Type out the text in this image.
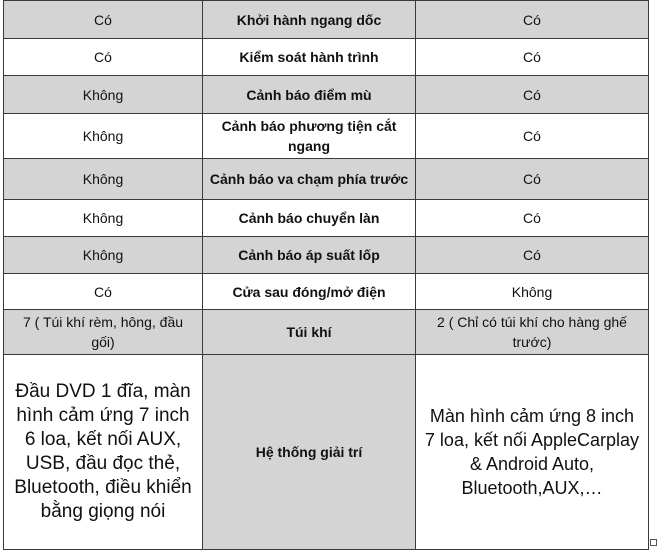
Có	Khởi hành ngang dốc	Có
Có	Kiểm soát hành trình	Có
Không	Cảnh báo điểm mù	Có
Không	Cảnh báo phương tiện cắt ngang	Có
Không	Cảnh báo va chạm phía trước	Có
Không	Cảnh báo chuyển làn	Có
Không	Cảnh báo áp suất lốp	Có
Có	Cửa sau đóng/mở điện	Không
7 ( Túi khí rèm, hông, đầu gối)	Túi khí	2 ( Chỉ có túi khí cho hàng ghế trước)
Đầu DVD 1 đĩa, màn hình cảm ứng 7 inch 6 loa, kết nối AUX, USB, đầu đọc thẻ, Bluetooth, điều khiển bằng giọng nói	Hệ thống giải trí	Màn hình cảm ứng 8 inch 7 loa, kết nối AppleCarplay & Android Auto, Bluetooth,AUX,…
